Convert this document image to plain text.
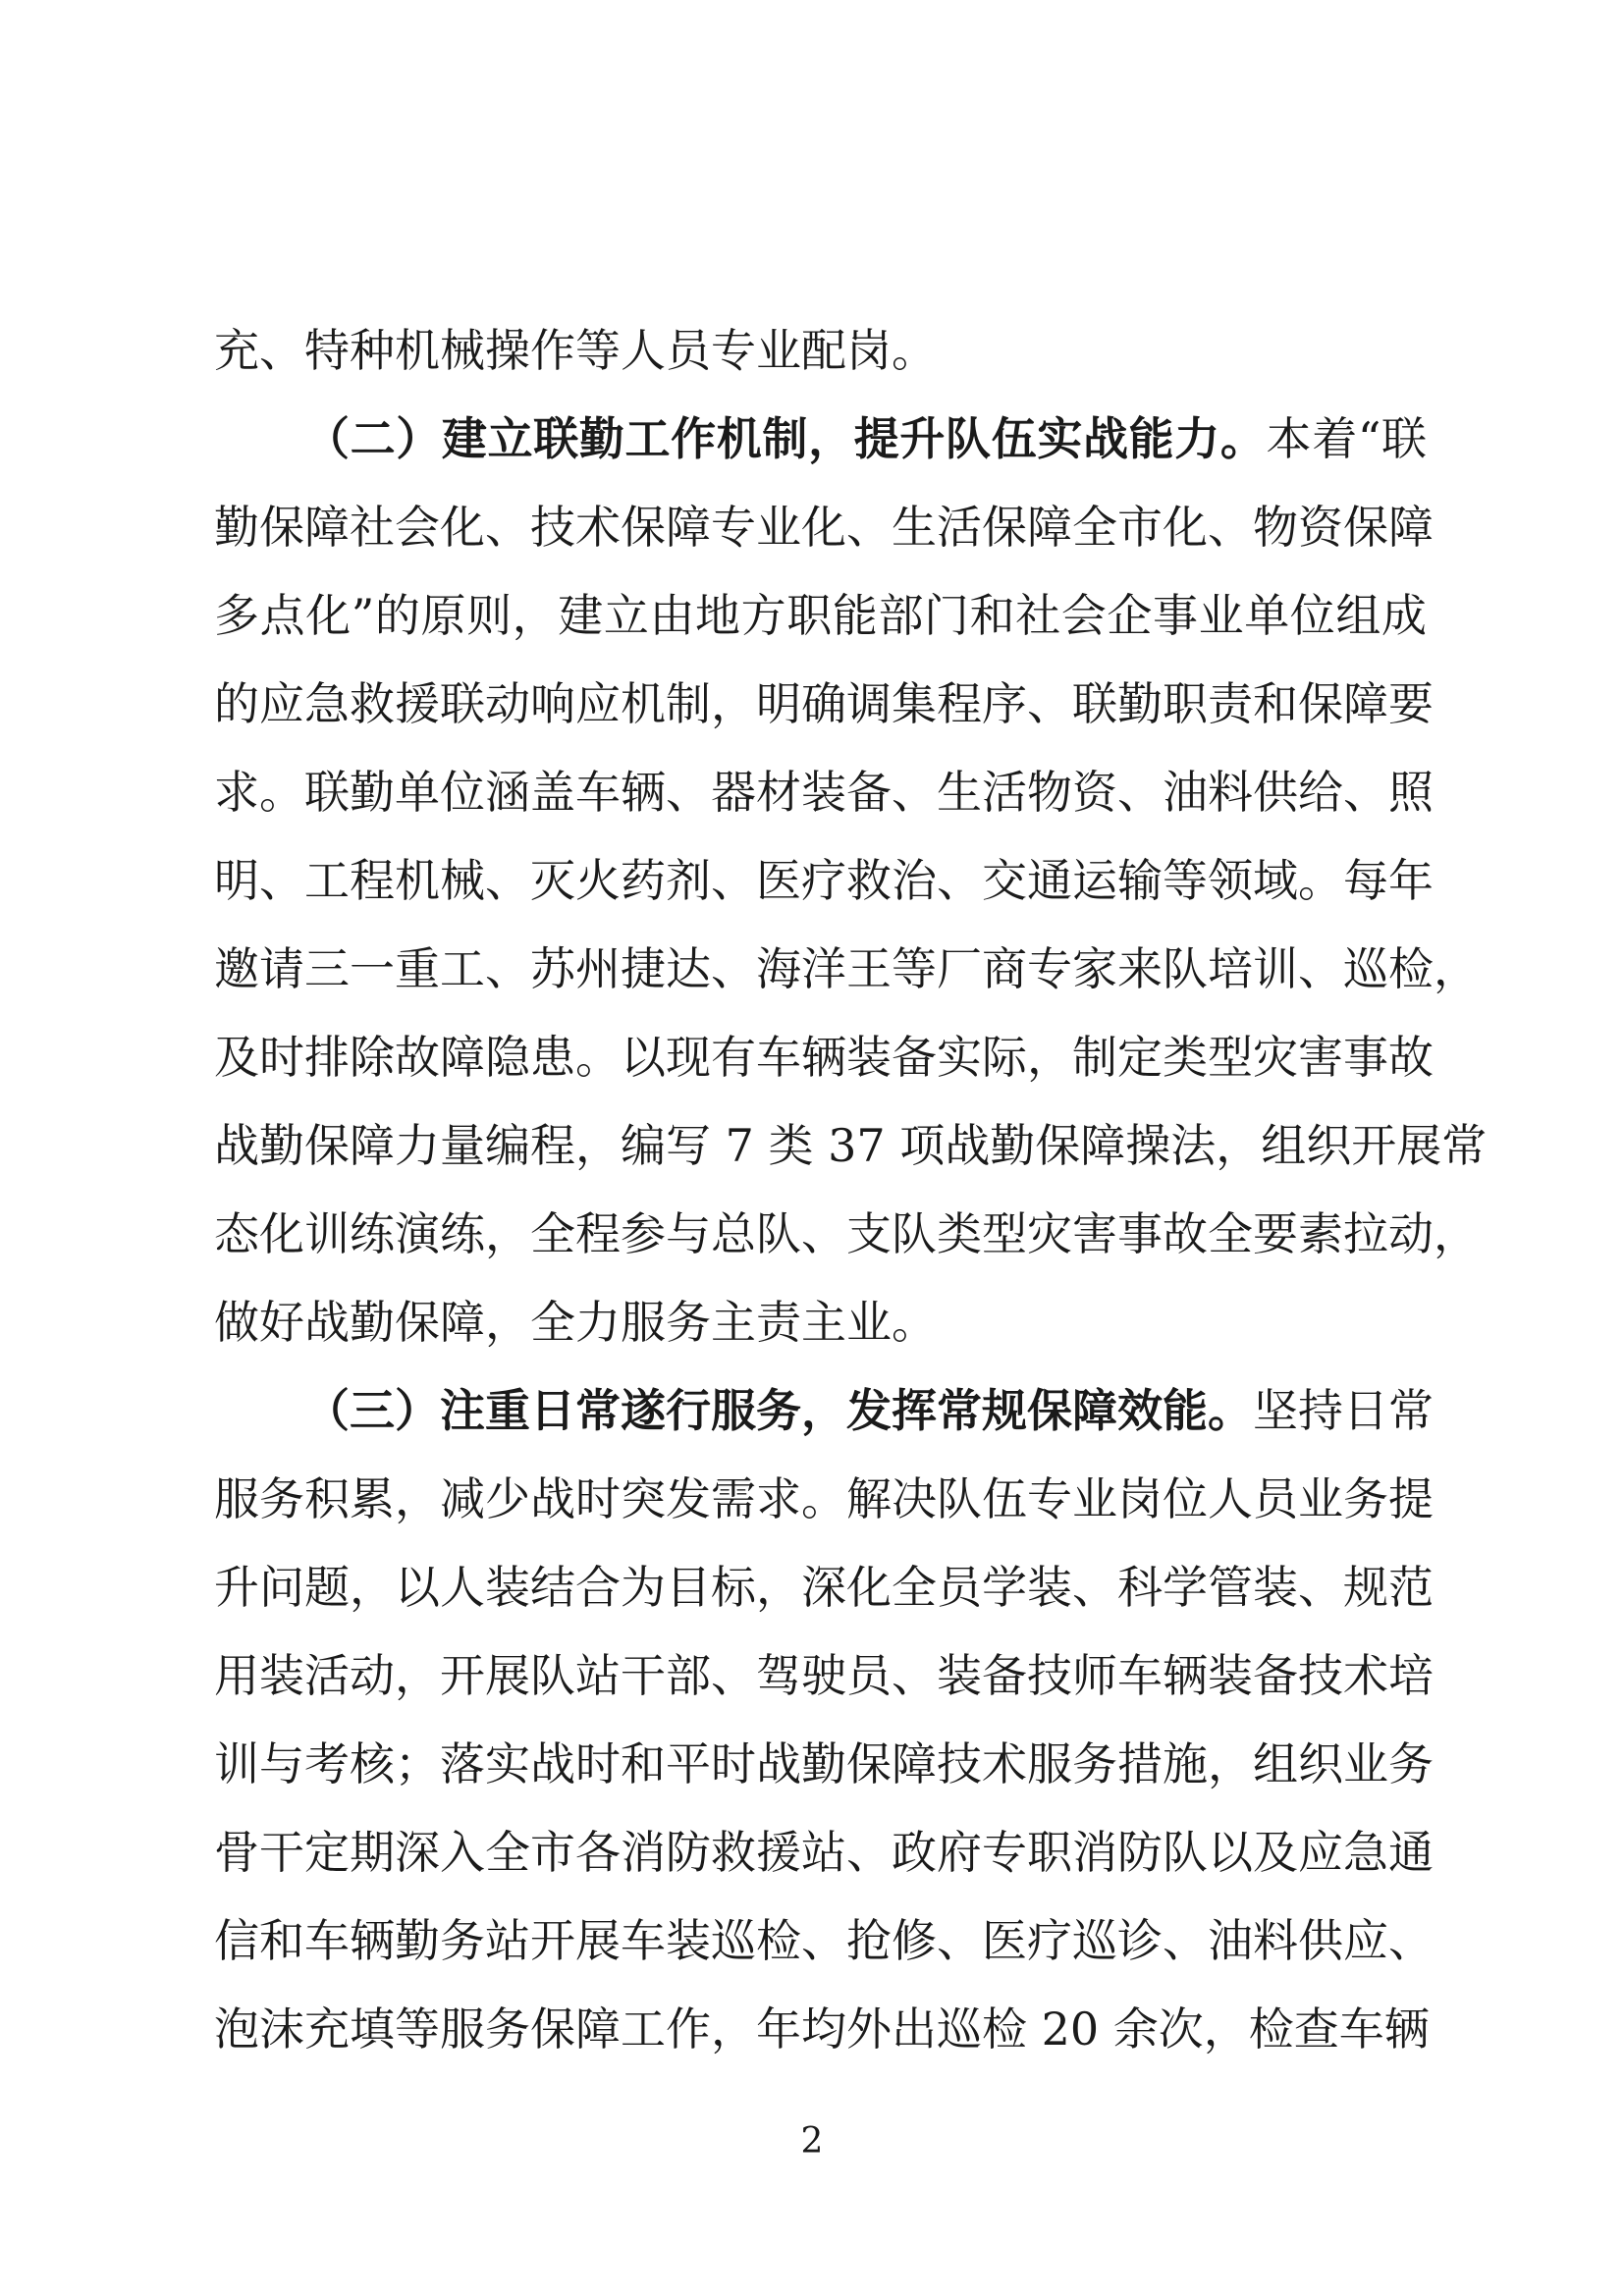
充、特种机械操作等人员专业配岗。
（二）建立联勤工作机制，提升队伍实战能力。本着“联
勤保障社会化、技术保障专业化、生活保障全市化、物资保障
多点化”的原则，建立由地方职能部门和社会企事业单位组成
的应急救援联动响应机制，明确调集程序、联勤职责和保障要
求。联勤单位涵盖车辆、器材装备、生活物资、油料供给、照
明、工程机械、灭火药剂、医疗救治、交通运输等领域。每年
邀请三一重工、苏州捷达、海洋王等厂商专家来队培训、巡检，
及时排除故障隐患。以现有车辆装备实际，制定类型灾害事故
战勤保障力量编程，编写 7 类 37 项战勤保障操法，组织开展常
态化训练演练，全程参与总队、支队类型灾害事故全要素拉动，
做好战勤保障，全力服务主责主业。
（三）注重日常遂行服务，发挥常规保障效能。坚持日常
服务积累，减少战时突发需求。解决队伍专业岗位人员业务提
升问题，以人装结合为目标，深化全员学装、科学管装、规范
用装活动，开展队站干部、驾驶员、装备技师车辆装备技术培
训与考核；落实战时和平时战勤保障技术服务措施，组织业务
骨干定期深入全市各消防救援站、政府专职消防队以及应急通
信和车辆勤务站开展车装巡检、抢修、医疗巡诊、油料供应、
泡沫充填等服务保障工作，年均外出巡检 20 余次，检查车辆
2
